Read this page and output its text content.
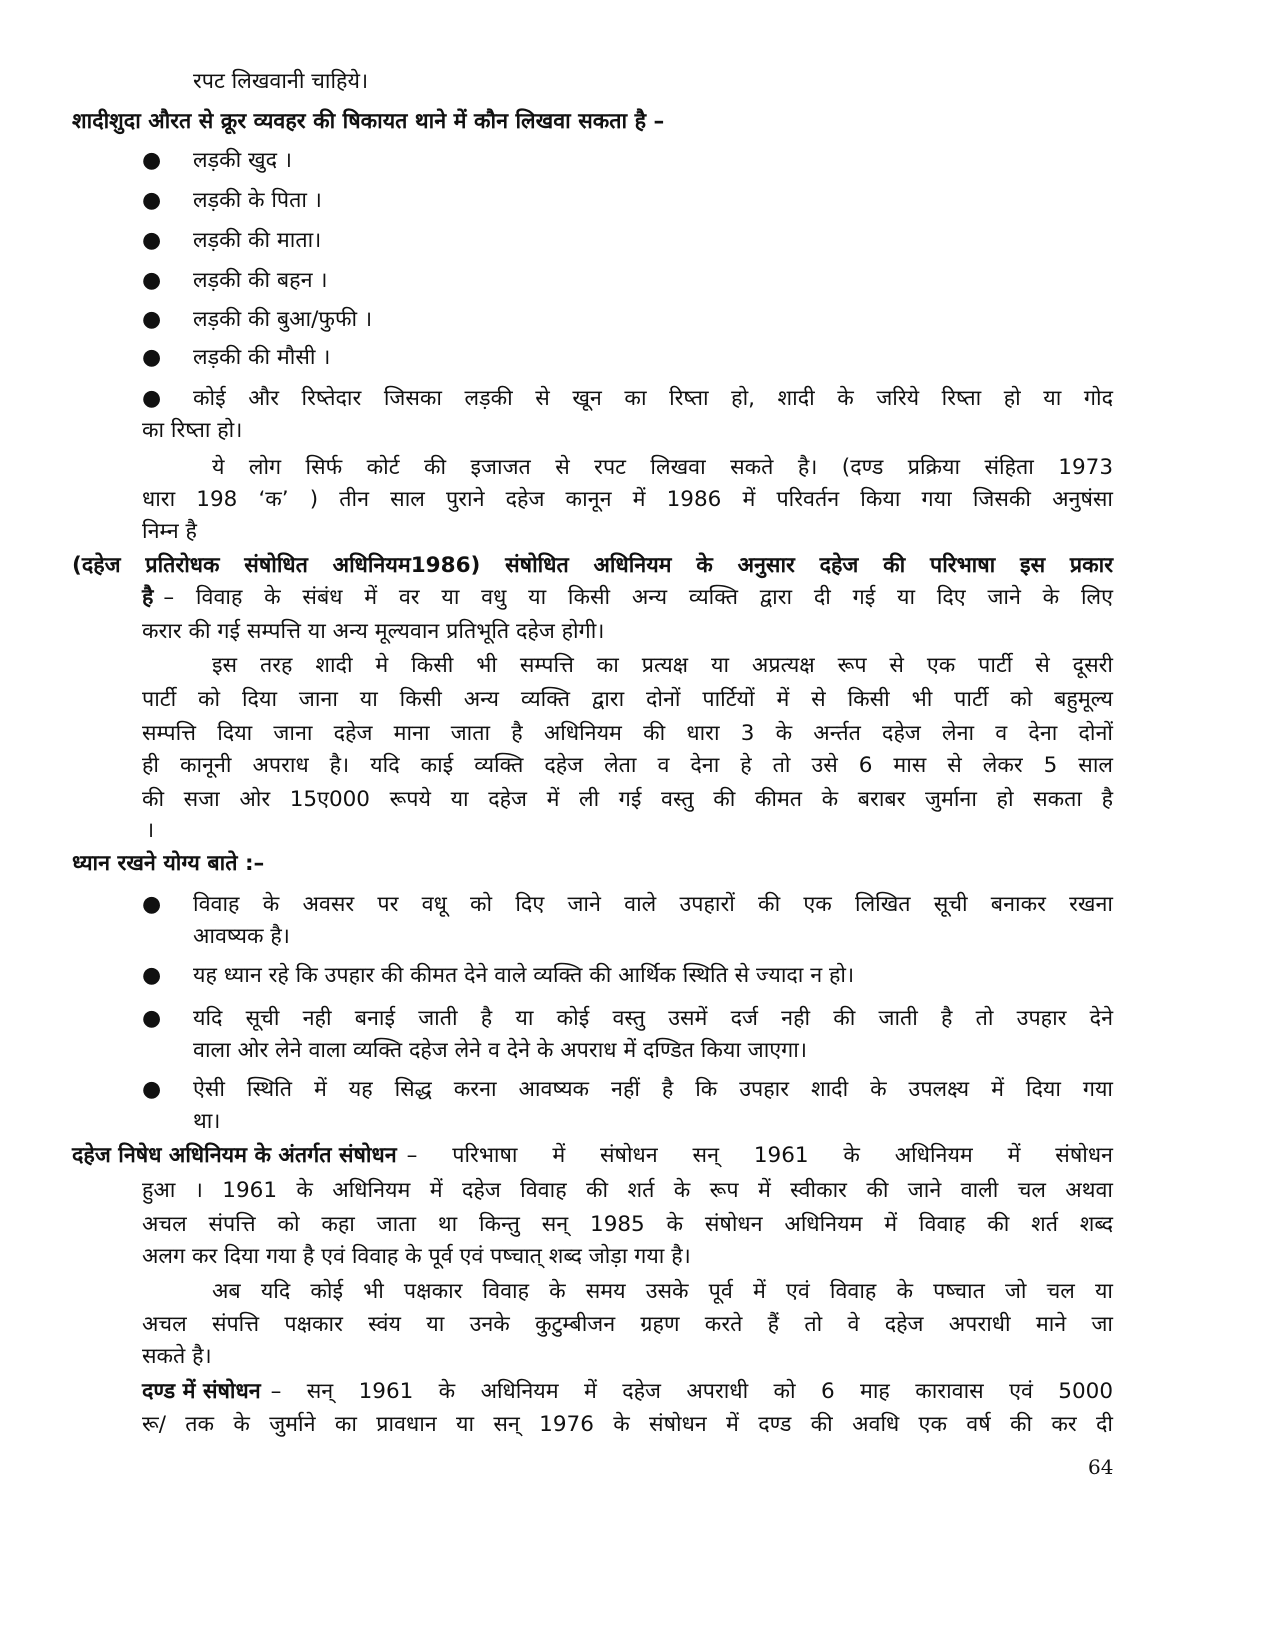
रपट लिखवानी चाहिये।
शादीशुदा औरत से क्रूर व्यवहर की षिकायत थाने में कौन लिखवा सकता है –
● लड़की खुद ।
● लड़की के पिता ।
● लड़की की माता।
● लड़की की बहन ।
● लड़की की बुआ/फुफी ।
● लड़की की मौसी ।
● कोई और रिष्तेदार जिसका लड़की से खून का रिष्ता हो, शादी के जरिये रिष्ता हो या गोद
का रिष्ता हो।
ये लोग सिर्फ कोर्ट की इजाजत से रपट लिखवा सकते है। (दण्ड प्रक्रिया संहिता 1973
धारा 198 ‘क’ ) तीन साल पुराने दहेज कानून में 1986 में परिवर्तन किया गया जिसकी अनुषंसा
निम्न है
(दहेज प्रतिरोधक संषोधित अधिनियम1986) संषोधित अधिनियम के अनुसार दहेज की परिभाषा इस प्रकार
है – विवाह के संबंध में वर या वधु या किसी अन्य व्यक्ति द्वारा दी गई या दिए जाने के लिए
करार की गई सम्पत्ति या अन्य मूल्यवान प्रतिभूति दहेज होगी।
इस तरह शादी मे किसी भी सम्पत्ति का प्रत्यक्ष या अप्रत्यक्ष रूप से एक पार्टी से दूसरी
पार्टी को दिया जाना या किसी अन्य व्यक्ति द्वारा दोनों पार्टियों में से किसी भी पार्टी को बहुमूल्य
सम्पत्ति दिया जाना दहेज माना जाता है अधिनियम की धारा 3 के अर्न्तत दहेज लेना व देना दोनों
ही कानूनी अपराध है। यदि काई व्यक्ति दहेज लेता व देना हे तो उसे 6 मास से लेकर 5 साल
की सजा ओर 15ए000 रूपये या दहेज में ली गई वस्तु की कीमत के बराबर जुर्माना हो सकता है
।
ध्यान रखने योग्य बाते :–
● विवाह के अवसर पर वधू को दिए जाने वाले उपहारों की एक लिखित सूची बनाकर रखना
आवष्यक है।
● यह ध्यान रहे कि उपहार की कीमत देने वाले व्यक्ति की आर्थिक स्थिति से ज्यादा न हो।
● यदि सूची नही बनाई जाती है या कोई वस्तु उसमें दर्ज नही की जाती है तो उपहार देने
वाला ओर लेने वाला व्यक्ति दहेज लेने व देने के अपराध में दण्डित किया जाएगा।
● ऐसी स्थिति में यह सिद्ध करना आवष्यक नहीं है कि उपहार शादी के उपलक्ष्य में दिया गया
था।
दहेज निषेध अधिनियम के अंतर्गत संषोधन – परिभाषा में संषोधन सन् 1961 के अधिनियम में संषोधन
हुआ । 1961 के अधिनियम में दहेज विवाह की शर्त के रूप में स्वीकार की जाने वाली चल अथवा
अचल संपत्ति को कहा जाता था किन्तु सन् 1985 के संषोधन अधिनियम में विवाह की शर्त शब्द
अलग कर दिया गया है एवं विवाह के पूर्व एवं पष्चात् शब्द जोड़ा गया है।
अब यदि कोई भी पक्षकार विवाह के समय उसके पूर्व में एवं विवाह के पष्चात जो चल या
अचल संपत्ति पक्षकार स्वंय या उनके कुटुम्बीजन ग्रहण करते हैं तो वे दहेज अपराधी माने जा
सकते है।
दण्ड में संषोधन – सन् 1961 के अधिनियम में दहेज अपराधी को 6 माह कारावास एवं 5000
रू/ तक के जुर्माने का प्रावधान या सन् 1976 के संषोधन में दण्ड की अवधि एक वर्ष की कर दी
64
